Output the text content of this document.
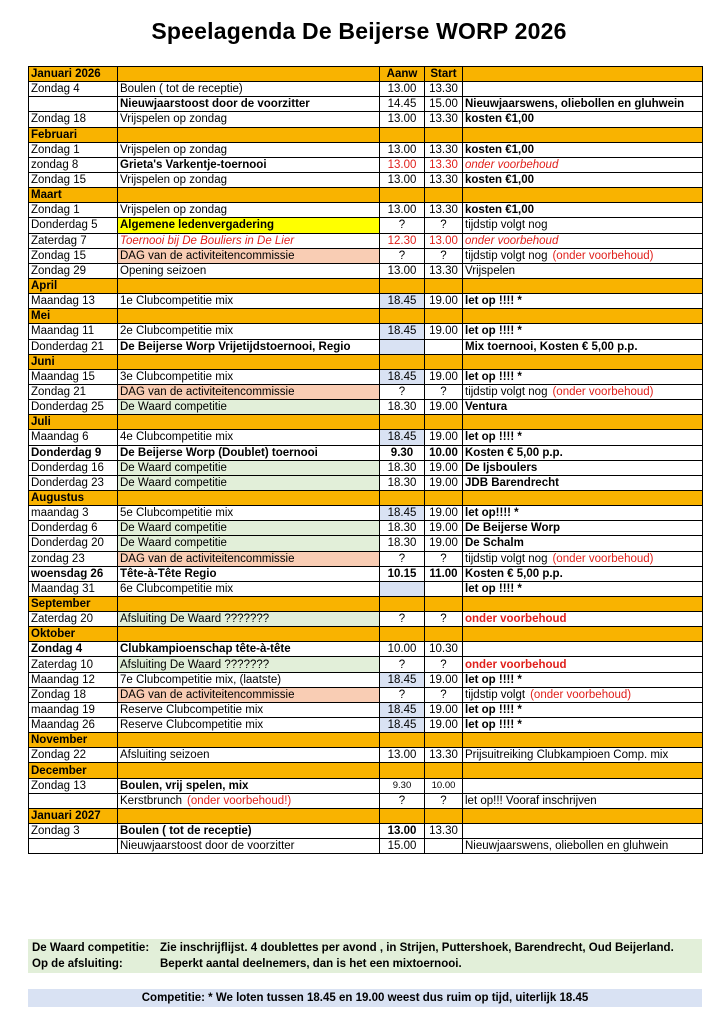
Speelagenda De Beijerse WORP 2026
Januari 2026		Aanw	Start	
Zondag 4	Boulen ( tot de receptie)	13.00	13.30	
	Nieuwjaarstoost door de voorzitter	14.45	15.00	Nieuwjaarswens, oliebollen en gluhwein
Zondag 18	Vrijspelen op zondag	13.00	13.30	kosten €1,00
Februari				
Zondag 1	Vrijspelen op zondag	13.00	13.30	kosten €1,00
zondag 8	Grieta's Varkentje-toernooi	13.00	13.30	onder voorbehoud
Zondag 15	Vrijspelen op zondag	13.00	13.30	kosten €1,00
Maart				
Zondag 1	Vrijspelen op zondag	13.00	13.30	kosten €1,00
Donderdag 5	Algemene ledenvergadering	?	?	tijdstip volgt nog
Zaterdag 7	Toernooi bij De Bouliers in De Lier	12.30	13.00	onder voorbehoud
Zondag 15	DAG van de activiteitencommissie	?	?	tijdstip volgt nog (onder voorbehoud)
Zondag 29	Opening seizoen	13.00	13.30	Vrijspelen
April				
Maandag 13	1e Clubcompetitie mix	18.45	19.00	let op !!!! *
Mei				
Maandag 11	2e Clubcompetitie mix	18.45	19.00	let op !!!! *
Donderdag 21	De Beijerse Worp Vrijetijdstoernooi, Regio			Mix toernooi, Kosten € 5,00 p.p.
Juni				
Maandag 15	3e Clubcompetitie mix	18.45	19.00	let op !!!! *
Zondag 21	DAG van de activiteitencommissie	?	?	tijdstip volgt nog (onder voorbehoud)
Donderdag 25	De Waard competitie	18.30	19.00	Ventura
Juli				
Maandag 6	4e Clubcompetitie mix	18.45	19.00	let op !!!! *
Donderdag 9	De Beijerse Worp (Doublet) toernooi	9.30	10.00	Kosten € 5,00 p.p.
Donderdag 16	De Waard competitie	18.30	19.00	De Ijsboulers
Donderdag 23	De Waard competitie	18.30	19.00	JDB Barendrecht
Augustus				
maandag 3	5e Clubcompetitie mix	18.45	19.00	let op!!!! *
Donderdag 6	De Waard competitie	18.30	19.00	De Beijerse Worp
Donderdag 20	De Waard competitie	18.30	19.00	De Schalm
zondag 23	DAG van de activiteitencommissie	?	?	tijdstip volgt nog (onder voorbehoud)
woensdag 26	Tête-à-Tête Regio	10.15	11.00	Kosten € 5,00 p.p.
Maandag 31	6e Clubcompetitie mix			let op !!!! *
September				
Zaterdag 20	Afsluiting De Waard ???????	?	?	onder voorbehoud
Oktober				
Zondag 4	Clubkampioenschap tête-à-tête	10.00	10.30	
Zaterdag 10	Afsluiting De Waard ???????	?	?	onder voorbehoud
Maandag 12	7e Clubcompetitie mix, (laatste)	18.45	19.00	let op !!!! *
Zondag 18	DAG van de activiteitencommissie	?	?	tijdstip volgt (onder voorbehoud)
maandag 19	Reserve Clubcompetitie mix	18.45	19.00	let op !!!! *
Maandag 26	Reserve Clubcompetitie mix	18.45	19.00	let op !!!! *
November				
Zondag 22	Afsluiting seizoen	13.00	13.30	Prijsuitreiking Clubkampioen Comp. mix
December				
Zondag 13	Boulen, vrij spelen, mix	9.30	10.00	
	Kerstbrunch (onder voorbehoud!)	?	?	let op!!! Vooraf inschrijven
Januari 2027				
Zondag 3	Boulen ( tot de receptie)	13.00	13.30	
	Nieuwjaarstoost door de voorzitter	15.00		Nieuwjaarswens, oliebollen en gluhwein
De Waard competitie: Zie inschrijflijst. 4 doublettes per avond , in Strijen, Puttershoek, Barendrecht, Oud Beijerland.
Op de afsluiting:	Beperkt aantal deelnemers, dan is het een mixtoernooi.
Competitie: * We loten tussen 18.45 en 19.00 weest dus ruim op tijd, uiterlijk 18.45
